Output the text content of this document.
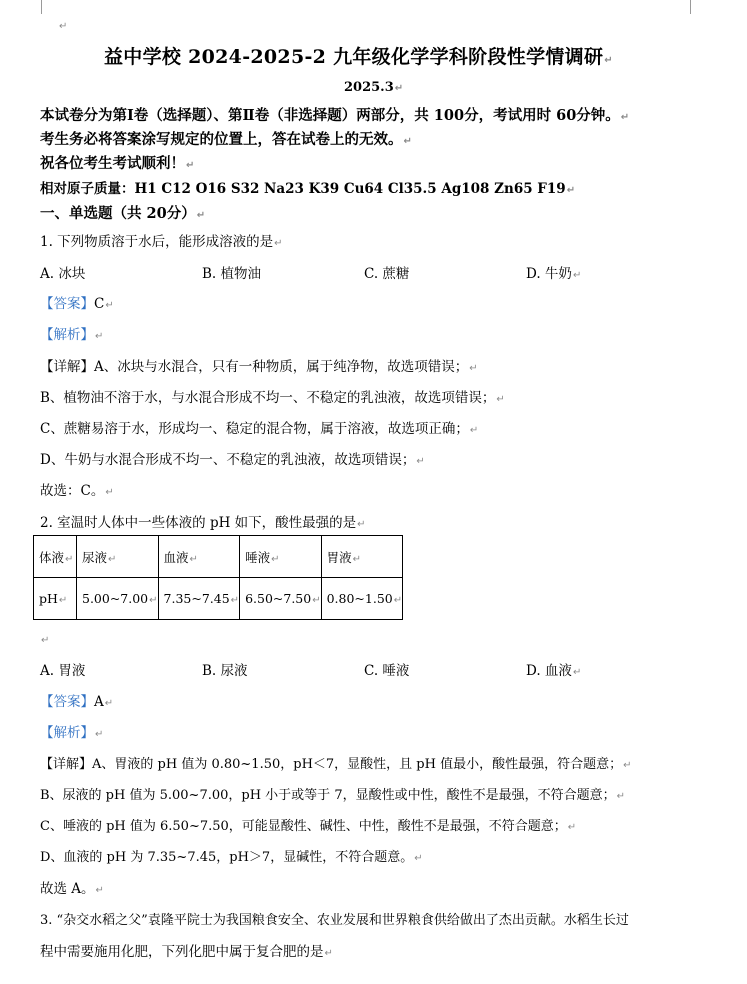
↵
益中学校 2024-2025-2 九年级化学学科阶段性学情调研↵
2025.3↵
本试卷分为第Ⅰ卷（选择题）、第Ⅱ卷（非选择题）两部分，共 100分，考试用时 60分钟。↵
考生务必将答案涂写规定的位置上，答在试卷上的无效。↵
祝各位考生考试顺利！↵
相对原子质量：H1 C12 O16 S32 Na23 K39 Cu64 Cl35.5 Ag108 Zn65 F19↵
一、单选题（共 20分）↵
1. 下列物质溶于水后，能形成溶液的是↵
A. 冰块	B. 植物油	C. 蔗糖	D. 牛奶↵
【答案】C↵
【解析】↵
【详解】A、冰块与水混合，只有一种物质，属于纯净物，故选项错误；↵
B、植物油不溶于水，与水混合形成不均一、不稳定的乳浊液，故选项错误；↵
C、蔗糖易溶于水，形成均一、稳定的混合物，属于溶液，故选项正确；↵
D、牛奶与水混合形成不均一、不稳定的乳浊液，故选项错误；↵
故选：C。↵
2. 室温时人体中一些体液的 pH 如下，酸性最强的是↵
体液↵	尿液↵	血液↵	唾液↵	胃液↵
pH↵	5.00~7.00↵	7.35~7.45↵	6.50~7.50↵	0.80~1.50↵
↵
A. 胃液	B. 尿液	C. 唾液	D. 血液↵
【答案】A↵
【解析】↵
【详解】A、胃液的 pH 值为 0.80~1.50，pH＜7，显酸性，且 pH 值最小，酸性最强，符合题意；↵
B、尿液的 pH 值为 5.00~7.00，pH 小于或等于 7，显酸性或中性，酸性不是最强，不符合题意；↵
C、唾液的 pH 值为 6.50~7.50，可能显酸性、碱性、中性，酸性不是最强，不符合题意；↵
D、血液的 pH 为 7.35~7.45，pH＞7，显碱性，不符合题意。↵
故选 A。↵
3. “杂交水稻之父”袁隆平院士为我国粮食安全、农业发展和世界粮食供给做出了杰出贡献。水稻生长过
程中需要施用化肥，下列化肥中属于复合肥的是↵
